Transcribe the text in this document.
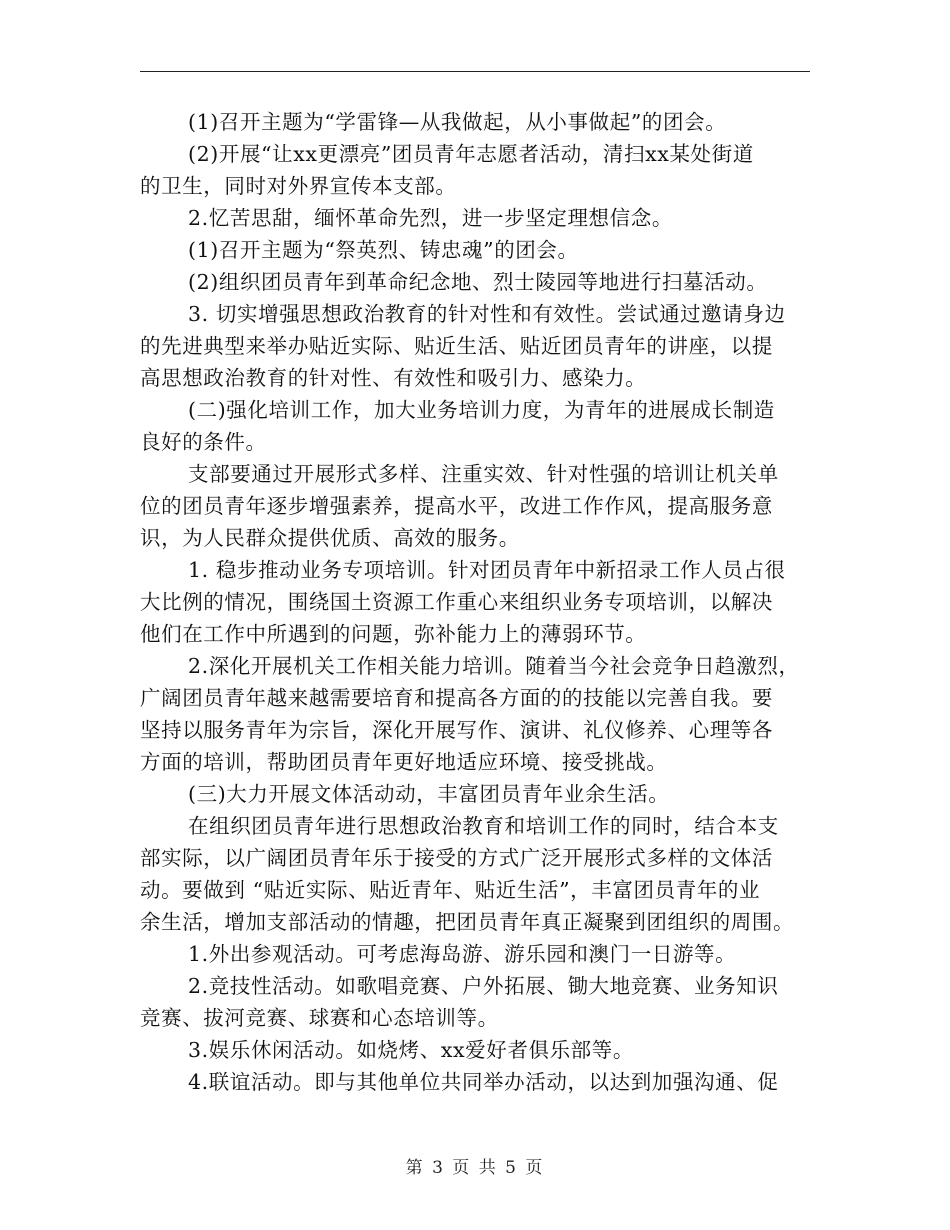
(1)召开主题为“学雷锋—从我做起，从小事做起”的团会。
(2)开展“让xx更漂亮”团员青年志愿者活动，清扫xx某处街道
的卫生，同时对外界宣传本支部。
2.忆苦思甜，缅怀革命先烈，进一步坚定理想信念。
(1)召开主题为“祭英烈、铸忠魂”的团会。
(2)组织团员青年到革命纪念地、烈士陵园等地进行扫墓活动。
3. 切实增强思想政治教育的针对性和有效性。尝试通过邀请身边
的先进典型来举办贴近实际、贴近生活、贴近团员青年的讲座，以提
高思想政治教育的针对性、有效性和吸引力、感染力。
(二)强化培训工作，加大业务培训力度，为青年的进展成长制造
良好的条件。
支部要通过开展形式多样、注重实效、针对性强的培训让机关单
位的团员青年逐步增强素养，提高水平，改进工作作风，提高服务意
识，为人民群众提供优质、高效的服务。
1. 稳步推动业务专项培训。针对团员青年中新招录工作人员占很
大比例的情况，围绕国土资源工作重心来组织业务专项培训，以解决
他们在工作中所遇到的问题，弥补能力上的薄弱环节。
2.深化开展机关工作相关能力培训。随着当今社会竞争日趋激烈，
广阔团员青年越来越需要培育和提高各方面的的技能以完善自我。要
坚持以服务青年为宗旨，深化开展写作、演讲、礼仪修养、心理等各
方面的培训，帮助团员青年更好地适应环境、接受挑战。
(三)大力开展文体活动动，丰富团员青年业余生活。
在组织团员青年进行思想政治教育和培训工作的同时，结合本支
部实际，以广阔团员青年乐于接受的方式广泛开展形式多样的文体活
动。要做到 “贴近实际、贴近青年、贴近生活”，丰富团员青年的业
余生活，增加支部活动的情趣，把团员青年真正凝聚到团组织的周围。
1.外出参观活动。可考虑海岛游、游乐园和澳门一日游等。
2.竞技性活动。如歌唱竞赛、户外拓展、锄大地竞赛、业务知识
竞赛、拔河竞赛、球赛和心态培训等。
3.娱乐休闲活动。如烧烤、xx爱好者俱乐部等。
4.联谊活动。即与其他单位共同举办活动，以达到加强沟通、促
第 3 页 共 5 页
